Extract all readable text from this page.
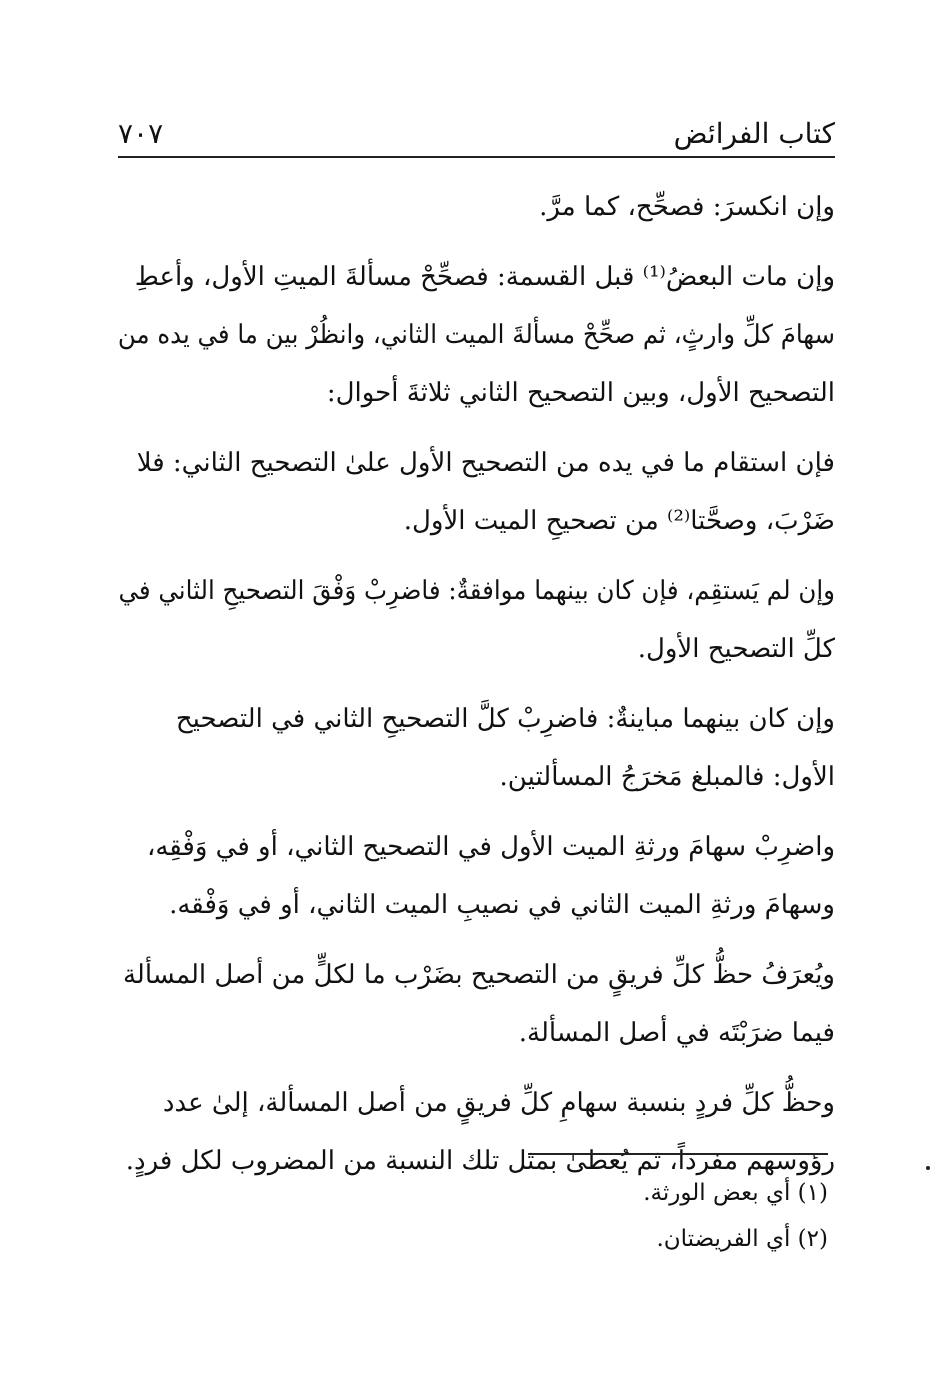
كتاب الفرائض
٧٠٧

وإن انكسرَ: فصحِّح، كما مرَّ.

وإن مات البعضُ⁽¹⁾ قبل القسمة: فصحِّحْ مسألةَ الميتِ الأول، وأعطِ
سهامَ كلِّ وارثٍ، ثم صحِّحْ مسألةَ الميت الثاني، وانظُرْ بين ما في يده من
التصحيح الأول، وبين التصحيح الثاني ثلاثةَ أحوال:

فإن استقام ما في يده من التصحيح الأول علىٰ التصحيح الثاني: فلا
ضَرْبَ، وصحَّتا⁽²⁾ من تصحيحِ الميت الأول.

وإن لم يَستقِم، فإن كان بينهما موافقةٌ: فاضرِبْ وَفْقَ التصحيحِ الثاني في
كلِّ التصحيح الأول.

وإن كان بينهما مباينةٌ: فاضرِبْ كلَّ التصحيحِ الثاني في التصحيح
الأول: فالمبلغ مَخرَجُ المسألتين.

واضرِبْ سهامَ ورثةِ الميت الأول في التصحيح الثاني، أو في وَفْقِه،
وسهامَ ورثةِ الميت الثاني في نصيبِ الميت الثاني، أو في وَفْقه.

ويُعرَفُ حظُّ كلِّ فريقٍ من التصحيح بضَرْب ما لكلٍّ من أصل المسألة
فيما ضرَبْتَه في أصل المسألة.

وحظُّ كلِّ فردٍ بنسبة سهامِ كلِّ فريقٍ من أصل المسألة، إلىٰ عدد
رؤوسهم مفرداً، ثم يُعطىٰ بمثل تلك النسبة من المضروب لكل فردٍ.

(١) أي بعض الورثة.
(٢) أي الفريضتان.
